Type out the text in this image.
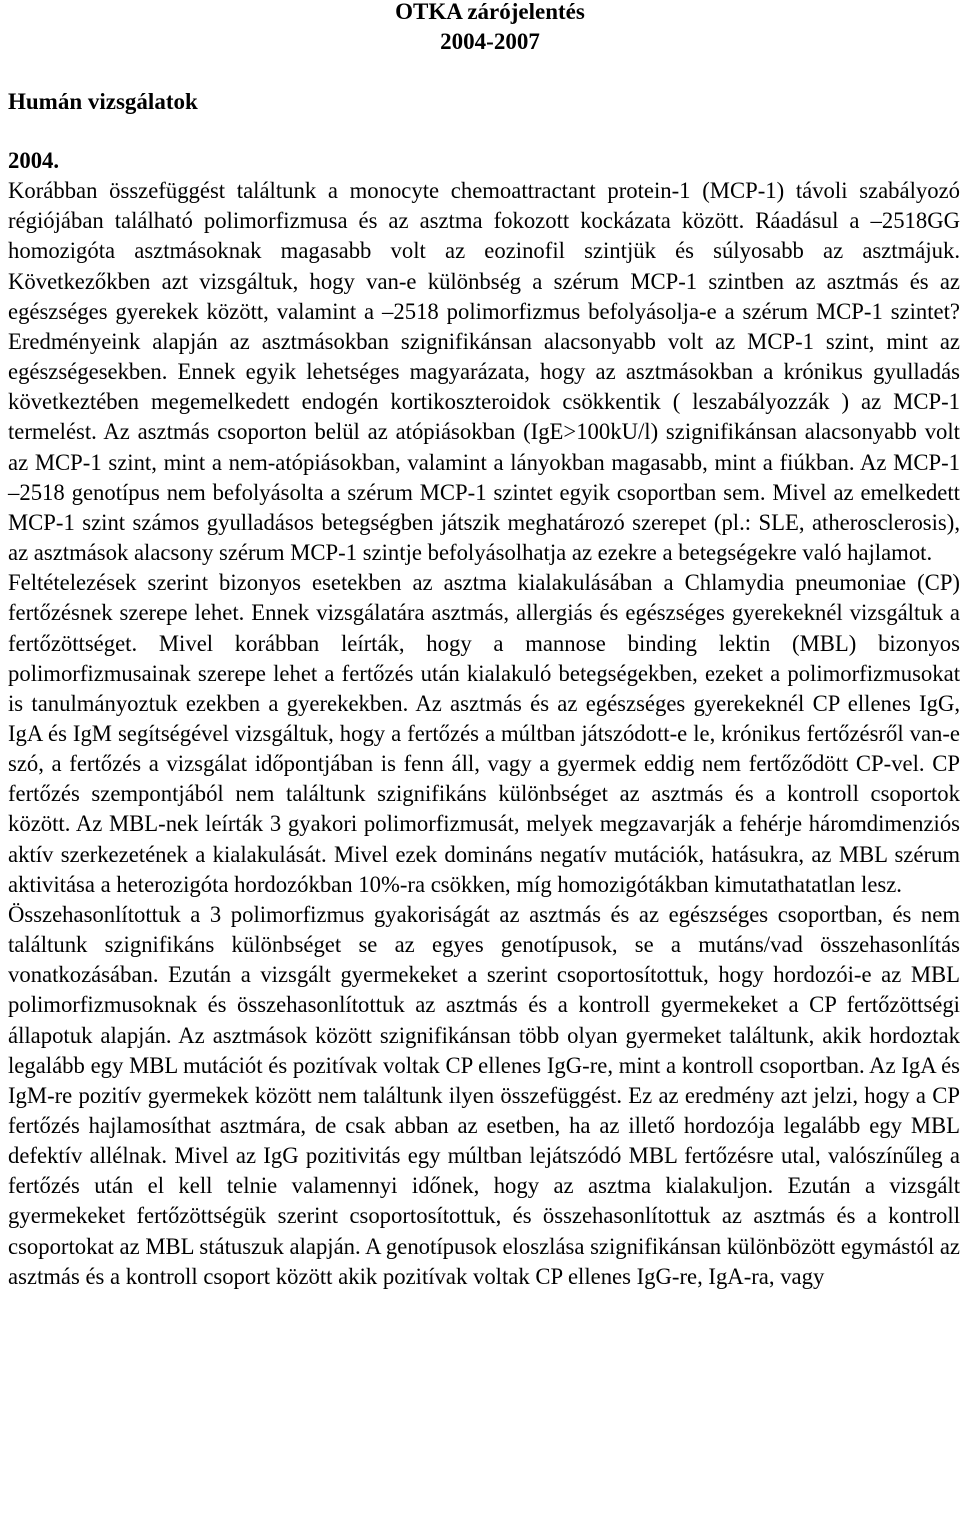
OTKA zárójelentés
2004-2007
Humán vizsgálatok
2004.
Korábban összefüggést találtunk a monocyte chemoattractant protein-1 (MCP-1) távoli szabályozó régiójában található polimorfizmusa és az asztma fokozott kockázata között. Ráadásul a –2518GG homozigóta asztmásoknak magasabb volt az eozinofil szintjük és súlyosabb az asztmájuk. Következőkben azt vizsgáltuk, hogy van-e különbség a szérum MCP-1 szintben az asztmás és az egészséges gyerekek között, valamint a –2518 polimorfizmus befolyásolja-e a szérum MCP-1 szintet? Eredményeink alapján az asztmásokban szignifikánsan alacsonyabb volt az MCP-1 szint, mint az egészségesekben. Ennek egyik lehetséges magyarázata, hogy az asztmásokban a krónikus gyulladás következtében megemelkedett endogén kortikoszteroidok csökkentik ( leszabályozzák ) az MCP-1 termelést. Az asztmás csoporton belül az atópiásokban (IgE>100kU/l) szignifikánsan alacsonyabb volt az MCP-1 szint, mint a nem-atópiásokban, valamint a lányokban magasabb, mint a fiúkban. Az MCP-1 –2518 genotípus nem befolyásolta a szérum MCP-1 szintet egyik csoportban sem. Mivel az emelkedett MCP-1 szint számos gyulladásos betegségben játszik meghatározó szerepet (pl.: SLE, atherosclerosis), az asztmások alacsony szérum MCP-1 szintje befolyásolhatja az ezekre a betegségekre való hajlamot.
Feltételezések szerint bizonyos esetekben az asztma kialakulásában a Chlamydia pneumoniae (CP) fertőzésnek szerepe lehet. Ennek vizsgálatára asztmás, allergiás és egészséges gyerekeknél vizsgáltuk a fertőzöttséget. Mivel korábban leírták, hogy a mannose binding lektin (MBL) bizonyos polimorfizmusainak szerepe lehet a fertőzés után kialakuló betegségekben, ezeket a polimorfizmusokat is tanulmányoztuk ezekben a gyerekekben. Az asztmás és az egészséges gyerekeknél CP ellenes IgG, IgA és IgM segítségével vizsgáltuk, hogy a fertőzés a múltban játszódott-e le, krónikus fertőzésről van-e szó, a fertőzés a vizsgálat időpontjában is fenn áll, vagy a gyermek eddig nem fertőződött CP-vel. CP fertőzés szempontjából nem találtunk szignifikáns különbséget az asztmás és a kontroll csoportok között. Az MBL-nek leírták 3 gyakori polimorfizmusát, melyek megzavarják a fehérje háromdimenziós aktív szerkezetének a kialakulását. Mivel ezek domináns negatív mutációk, hatásukra, az MBL szérum aktivitása a heterozigóta hordozókban 10%-ra csökken, míg homozigótákban kimutathatatlan lesz.
Összehasonlítottuk a 3 polimorfizmus gyakoriságát az asztmás és az egészséges csoportban, és nem találtunk szignifikáns különbséget se az egyes genotípusok, se a mutáns/vad összehasonlítás vonatkozásában. Ezután a vizsgált gyermekeket a szerint csoportosítottuk, hogy hordozói-e az MBL polimorfizmusoknak és összehasonlítottuk az asztmás és a kontroll gyermekeket a CP fertőzöttségi állapotuk alapján. Az asztmások között szignifikánsan több olyan gyermeket találtunk, akik hordoztak legalább egy MBL mutációt és pozitívak voltak CP ellenes IgG-re, mint a kontroll csoportban. Az IgA és IgM-re pozitív gyermekek között nem találtunk ilyen összefüggést. Ez az eredmény azt jelzi, hogy a CP fertőzés hajlamosíthat asztmára, de csak abban az esetben, ha az illető hordozója legalább egy MBL defektív allélnak. Mivel az IgG pozitivitás egy múltban lejátszódó MBL fertőzésre utal, valószínűleg a fertőzés után el kell telnie valamennyi időnek, hogy az asztma kialakuljon. Ezután a vizsgált gyermekeket fertőzöttségük szerint csoportosítottuk, és összehasonlítottuk az asztmás és a kontroll csoportokat az MBL státuszuk alapján. A genotípusok eloszlása szignifikánsan különbözött egymástól az asztmás és a kontroll csoport között akik pozitívak voltak CP ellenes IgG-re, IgA-ra, vagy
